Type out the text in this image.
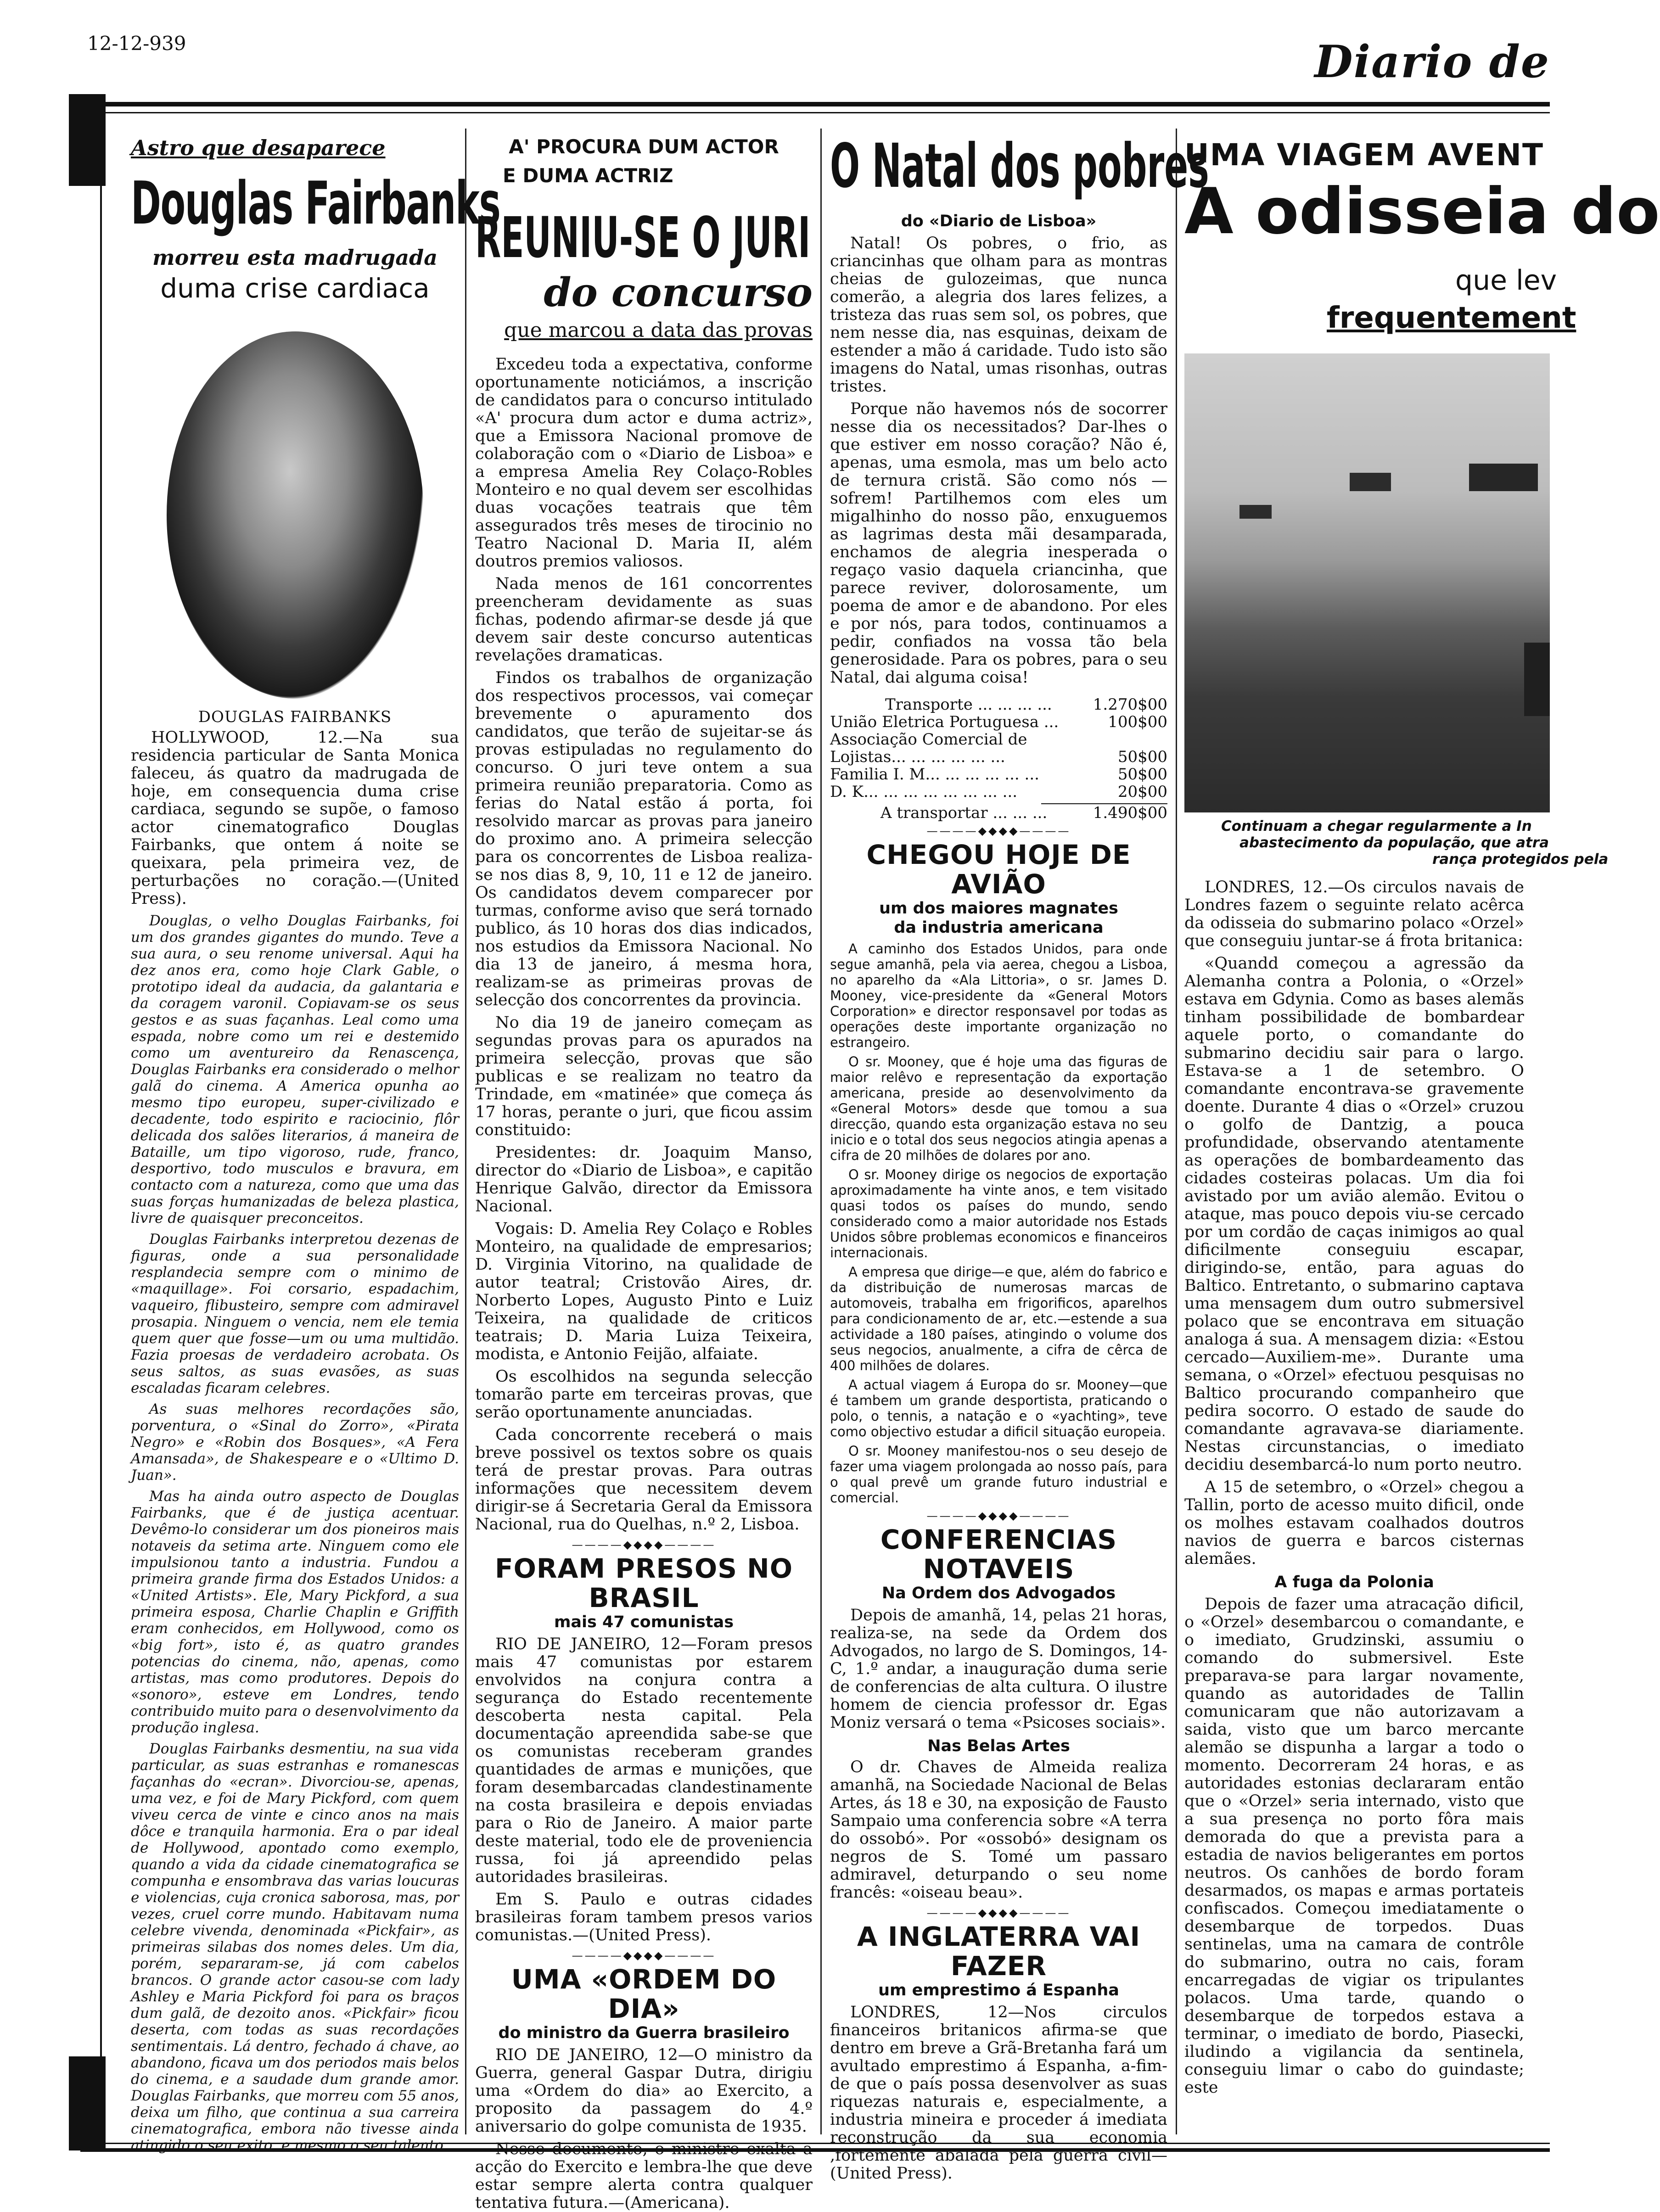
12-12-939	Diario de
Astro que desaparece
Douglas Fairbanks
morreu esta madrugada
duma crise cardiaca
DOUGLAS FAIRBANKS

HOLLYWOOD, 12.—Na sua residencia particular de Santa Monica faleceu, ás quatro da madrugada de hoje, em consequencia duma crise cardiaca, segundo se supõe, o famoso actor cinematografico Douglas Fairbanks, que ontem á noite se queixara, pela primeira vez, de perturbações no coração.—(United Press).

Douglas, o velho Douglas Fairbanks, foi um dos grandes gigantes do mundo. Teve a sua aura, o seu renome universal. Aqui ha dez anos era, como hoje Clark Gable, o prototipo ideal da audacia, da galantaria e da coragem varonil. Copiavam-se os seus gestos e as suas façanhas. Leal como uma espada, nobre como um rei e destemido como um aventureiro da Renascença, Douglas Fairbanks era considerado o melhor galã do cinema. A America opunha ao mesmo tipo europeu, super-civilizado e decadente, todo espirito e raciocinio, flôr delicada dos salões literarios, á maneira de Bataille, um tipo vigoroso, rude, franco, desportivo, todo musculos e bravura, em contacto com a natureza, como que uma das suas forças humanizadas de beleza plastica, livre de quaisquer preconceitos.

Douglas Fairbanks interpretou dezenas de figuras, onde a sua personalidade resplandecia sempre com o minimo de «maquillage». Foi corsario, espadachim, vaqueiro, flibusteiro, sempre com admiravel prosapia. Ninguem o vencia, nem ele temia quem quer que fosse—um ou uma multidão. Fazia proesas de verdadeiro acrobata. Os seus saltos, as suas evasões, as suas escaladas ficaram celebres.

As suas melhores recordações são, porventura, o «Sinal do Zorro», «Pirata Negro» e «Robin dos Bosques», «A Fera Amansada», de Shakespeare e o «Ultimo D. Juan».

Mas ha ainda outro aspecto de Douglas Fairbanks, que é de justiça acentuar. Devêmo-lo considerar um dos pioneiros mais notaveis da setima arte. Ninguem como ele impulsionou tanto a industria. Fundou a primeira grande firma dos Estados Unidos: a «United Artists». Ele, Mary Pickford, a sua primeira esposa, Charlie Chaplin e Griffith eram conhecidos, em Hollywood, como os «big fort», isto é, as quatro grandes potencias do cinema, não, apenas, como artistas, mas como produtores. Depois do «sonoro», esteve em Londres, tendo contribuido muito para o desenvolvimento da produção inglesa.

Douglas Fairbanks desmentiu, na sua vida particular, as suas estranhas e romanescas façanhas do «ecran». Divorciou-se, apenas, uma vez, e foi de Mary Pickford, com quem viveu cerca de vinte e cinco anos na mais dôce e tranquila harmonia. Era o par ideal de Hollywood, apontado como exemplo, quando a vida da cidade cinematografica se compunha e ensombrava das varias loucuras e violencias, cuja cronica saborosa, mas, por vezes, cruel corre mundo. Habitavam numa celebre vivenda, denominada «Pickfair», as primeiras silabas dos nomes deles. Um dia, porém, separaram-se, já com cabelos brancos. O grande actor casou-se com lady Ashley e Maria Pickford foi para os braços dum galã, de dezoito anos. «Pickfair» ficou deserta, com todas as suas recordações sentimentais. Lá dentro, fechado á chave, ao abandono, ficava um dos periodos mais belos do cinema, e a saudade dum grande amor. Douglas Fairbanks, que morreu com 55 anos, deixa um filho, que continua a sua carreira cinematografica, embora não tivesse ainda atingido o seu exito, e mesmo o seu talento.

A' PROCURA DUM ACTOR
E DUMA ACTRIZ
REUNIU-SE O JURI
do concurso
que marcou a data das provas

Excedeu toda a expectativa, conforme oportunamente noticiámos, a inscrição de candidatos para o concurso intitulado «A' procura dum actor e duma actriz», que a Emissora Nacional promove de colaboração com o «Diario de Lisboa» e a empresa Amelia Rey Colaço-Robles Monteiro e no qual devem ser escolhidas duas vocações teatrais que têm assegurados três meses de tirocinio no Teatro Nacional D. Maria II, além doutros premios valiosos.

Nada menos de 161 concorrentes preencheram devidamente as suas fichas, podendo afirmar-se desde já que devem sair deste concurso autenticas revelações dramaticas.

Findos os trabalhos de organização dos respectivos processos, vai começar brevemente o apuramento dos candidatos, que terão de sujeitar-se ás provas estipuladas no regulamento do concurso. O juri teve ontem a sua primeira reunião preparatoria. Como as ferias do Natal estão á porta, foi resolvido marcar as provas para janeiro do proximo ano. A primeira selecção para os concorrentes de Lisboa realiza-se nos dias 8, 9, 10, 11 e 12 de janeiro. Os candidatos devem comparecer por turmas, conforme aviso que será tornado publico, ás 10 horas dos dias indicados, nos estudios da Emissora Nacional. No dia 13 de janeiro, á mesma hora, realizam-se as primeiras provas de selecção dos concorrentes da provincia.

No dia 19 de janeiro começam as segundas provas para os apurados na primeira selecção, provas que são publicas e se realizam no teatro da Trindade, em «matinée» que começa ás 17 horas, perante o juri, que ficou assim constituido:

Presidentes: dr. Joaquim Manso, director do «Diario de Lisboa», e capitão Henrique Galvão, director da Emissora Nacional.

Vogais: D. Amelia Rey Colaço e Robles Monteiro, na qualidade de empresarios; D. Virginia Vitorino, na qualidade de autor teatral; Cristovão Aires, dr. Norberto Lopes, Augusto Pinto e Luiz Teixeira, na qualidade de criticos teatrais; D. Maria Luiza Teixeira, modista, e Antonio Feijão, alfaiate.

Os escolhidos na segunda selecção tomarão parte em terceiras provas, que serão oportunamente anunciadas.

Cada concorrente receberá o mais breve possivel os textos sobre os quais terá de prestar provas. Para outras informações que necessitem devem dirigir-se á Secretaria Geral da Emissora Nacional, rua do Quelhas, n.º 2, Lisboa.

————◆◆◆◆————
FORAM PRESOS NO BRASIL
mais 47 comunistas

RIO DE JANEIRO, 12—Foram presos mais 47 comunistas por estarem envolvidos na conjura contra a segurança do Estado recentemente descoberta nesta capital. Pela documentação apreendida sabe-se que os comunistas receberam grandes quantidades de armas e munições, que foram desembarcadas clandestinamente na costa brasileira e depois enviadas para o Rio de Janeiro. A maior parte deste material, todo ele de proveniencia russa, foi já apreendido pelas autoridades brasileiras.

Em S. Paulo e outras cidades brasileiras foram tambem presos varios comunistas.—(United Press).

————◆◆◆◆————
UMA «ORDEM DO DIA»
do ministro da Guerra brasileiro

RIO DE JANEIRO, 12—O ministro da Guerra, general Gaspar Dutra, dirigiu uma «Ordem do dia» ao Exercito, a proposito da passagem do 4.º aniversario do golpe comunista de 1935.

Nesse documento, o ministro exalta a acção do Exercito e lembra-lhe que deve estar sempre alerta contra qualquer tentativa futura.—(Americana).

O Natal dos pobres
do «Diario de Lisboa»

Natal! Os pobres, o frio, as criancinhas que olham para as montras cheias de gulozeimas, que nunca comerão, a alegria dos lares felizes, a tristeza das ruas sem sol, os pobres, que nem nesse dia, nas esquinas, deixam de estender a mão á caridade. Tudo isto são imagens do Natal, umas risonhas, outras tristes.

Porque não havemos nós de socorrer nesse dia os necessitados? Dar-lhes o que estiver em nosso coração? Não é, apenas, uma esmola, mas um belo acto de ternura cristã. São como nós — sofrem! Partilhemos com eles um migalhinho do nosso pão, enxuguemos as lagrimas desta mãi desamparada, enchamos de alegria inesperada o regaço vasio daquela criancinha, que parece reviver, dolorosamente, um poema de amor e de abandono. Por eles e por nós, para todos, continuamos a pedir, confiados na vossa tão bela generosidade. Para os pobres, para o seu Natal, dai alguma coisa!

Transporte ... ... ... ...	1.270$00
União Eletrica Portuguesa ...	100$00
Associação Comercial de Lojistas... ... ... ... ... ...	50$00
Familia I. M... ... ... ... ... ...	50$00
D. K... ... ... ... ... ... ... ...	20$00
A transportar ... ... ...	1.490$00
————◆◆◆◆————
CHEGOU HOJE DE AVIÃO
um dos maiores magnates
da industria americana

A caminho dos Estados Unidos, para onde segue amanhã, pela via aerea, chegou a Lisboa, no aparelho da «Ala Littoria», o sr. James D. Mooney, vice-presidente da «General Motors Corporation» e director responsavel por todas as operações deste importante organização no estrangeiro.

O sr. Mooney, que é hoje uma das figuras de maior relêvo e representação da exportação americana, preside ao desenvolvimento da «General Motors» desde que tomou a sua direcção, quando esta organização estava no seu inicio e o total dos seus negocios atingia apenas a cifra de 20 milhões de dolares por ano.

O sr. Mooney dirige os negocios de exportação aproximadamente ha vinte anos, e tem visitado quasi todos os países do mundo, sendo considerado como a maior autoridade nos Estads Unidos sôbre problemas economicos e financeiros internacionais.

A empresa que dirige—e que, além do fabrico e da distribuição de numerosas marcas de automoveis, trabalha em frigorificos, aparelhos para condicionamento de ar, etc.—estende a sua actividade a 180 países, atingindo o volume dos seus negocios, anualmente, a cifra de cêrca de 400 milhões de dolares.

A actual viagem á Europa do sr. Mooney—que é tambem um grande desportista, praticando o polo, o tennis, a natação e o «yachting», teve como objectivo estudar a dificil situação europeia.

O sr. Mooney manifestou-nos o seu desejo de fazer uma viagem prolongada ao nosso país, para o qual prevê um grande futuro industrial e comercial.

————◆◆◆◆————
CONFERENCIAS NOTAVEIS
Na Ordem dos Advogados

Depois de amanhã, 14, pelas 21 horas, realiza-se, na sede da Ordem dos Advogados, no largo de S. Domingos, 14-C, 1.º andar, a inauguração duma serie de conferencias de alta cultura. O ilustre homem de ciencia professor dr. Egas Moniz versará o tema «Psicoses sociais».

Nas Belas Artes

O dr. Chaves de Almeida realiza amanhã, na Sociedade Nacional de Belas Artes, ás 18 e 30, na exposição de Fausto Sampaio uma conferencia sobre «A terra do ossobó». Por «ossobó» designam os negros de S. Tomé um passaro admiravel, deturpando o seu nome francês: «oiseau beau».

————◆◆◆◆————
A INGLATERRA VAI FAZER
um emprestimo á Espanha

LONDRES, 12—Nos circulos financeiros britanicos afirma-se que dentro em breve a Grã-Bretanha fará um avultado emprestimo á Espanha, a-fim-de que o país possa desenvolver as suas riquezas naturais e, especialmente, a industria mineira e proceder á imediata reconstrução da sua economia ,fortemente abalada pela guerra civil—(United Press).

UMA VIAGEM AVENT
A odisseia do
que lev
frequentement
Continuam a chegar regularmente a In
abastecimento da população, que atra
rança protegidos pela

LONDRES, 12.—Os circulos navais de Londres fazem o seguinte relato acêrca da odisseia do submarino polaco «Orzel» que conseguiu juntar-se á frota britanica:

«Quandd começou a agressão da Alemanha contra a Polonia, o «Orzel» estava em Gdynia. Como as bases alemãs tinham possibilidade de bombardear aquele porto, o comandante do submarino decidiu sair para o largo. Estava-se a 1 de setembro. O comandante encontrava-se gravemente doente. Durante 4 dias o «Orzel» cruzou o golfo de Dantzig, a pouca profundidade, observando atentamente as operações de bombardeamento das cidades costeiras polacas. Um dia foi avistado por um avião alemão. Evitou o ataque, mas pouco depois viu-se cercado por um cordão de caças inimigos ao qual dificilmente conseguiu escapar, dirigindo-se, então, para aguas do Baltico. Entretanto, o submarino captava uma mensagem dum outro submersivel polaco que se encontrava em situação analoga á sua. A mensagem dizia: «Estou cercado—Auxiliem-me». Durante uma semana, o «Orzel» efectuou pesquisas no Baltico procurando companheiro que pedira socorro. O estado de saude do comandante agravava-se diariamente. Nestas circunstancias, o imediato decidiu desembarcá-lo num porto neutro.

A 15 de setembro, o «Orzel» chegou a Tallin, porto de acesso muito dificil, onde os molhes estavam coalhados doutros navios de guerra e barcos cisternas alemães.

A fuga da Polonia

Depois de fazer uma atracação dificil, o «Orzel» desembarcou o comandante, e o imediato, Grudzinski, assumiu o comando do submersivel. Este preparava-se para largar novamente, quando as autoridades de Tallin comunicaram que não autorizavam a saida, visto que um barco mercante alemão se dispunha a largar a todo o momento. Decorreram 24 horas, e as autoridades estonias declararam então que o «Orzel» seria internado, visto que a sua presença no porto fôra mais demorada do que a prevista para a estadia de navios beligerantes em portos neutros. Os canhões de bordo foram desarmados, os mapas e armas portateis confiscados. Começou imediatamente o desembarque de torpedos. Duas sentinelas, uma na camara de contrôle do submarino, outra no cais, foram encarregadas de vigiar os tripulantes polacos. Uma tarde, quando o desembarque de torpedos estava a terminar, o imediato de bordo, Piasecki, iludindo a vigilancia da sentinela, conseguiu limar o cabo do guindaste; este
